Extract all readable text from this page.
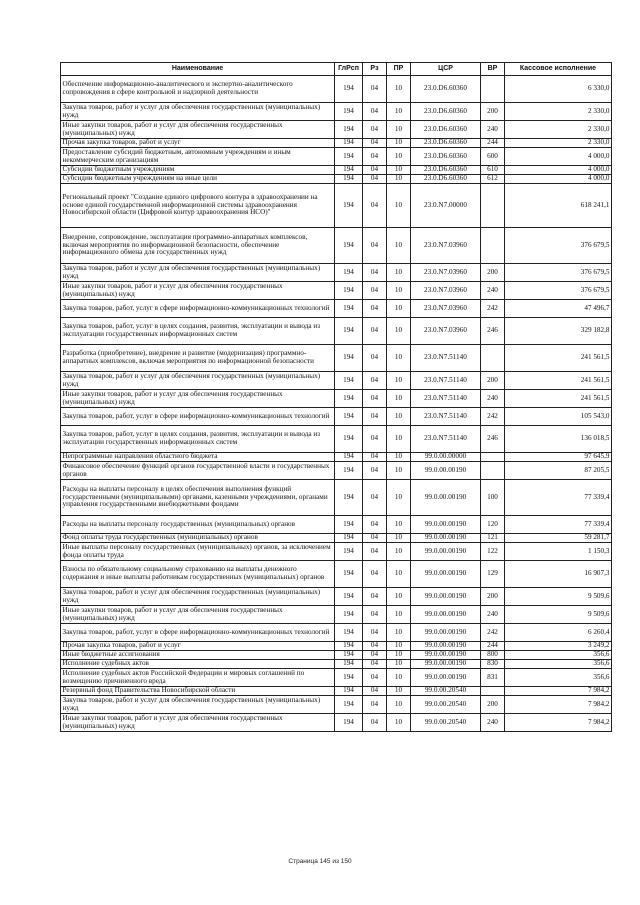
Наименование	ГлРсп	Рз	ПР	ЦСР	ВР	Кассовое исполнение
Обеспечение информационно-аналитического и экспертно-аналитического сопровождения в сфере контрольной и надзорной деятельности	194	04	10	23.0.D6.60360		6 330,0
Закупка товаров, работ и услуг для обеспечения государственных (муниципальных) нужд	194	04	10	23.0.D6.60360	200	2 330,0
Иные закупки товаров, работ и услуг для обеспечения государственных (муниципальных) нужд	194	04	10	23.0.D6.60360	240	2 330,0
Прочая закупка товаров, работ и услуг	194	04	10	23.0.D6.60360	244	2 330,0
Предоставление субсидий бюджетным, автономным учреждениям и иным некоммерческим организациям	194	04	10	23.0.D6.60360	600	4 000,0
Субсидии бюджетным учреждениям	194	04	10	23.0.D6.60360	610	4 000,0
Субсидии бюджетным учреждениям на иные цели	194	04	10	23.0.D6.60360	612	4 000,0
Региональный проект "Создание единого цифрового контура в здравоохранении на основе единой государственной информационной системы здравоохранения Новосибирской области (Цифровой контур здравоохранения НСО)"	194	04	10	23.0.N7.00000		618 241,1
Внедрение, сопровождение, эксплуатация программно-аппаратных комплексов, включая мероприятия по информационной безопасности, обеспечение информационного обмена для государственных нужд	194	04	10	23.0.N7.03960		376 679,5
Закупка товаров, работ и услуг для обеспечения государственных (муниципальных) нужд	194	04	10	23.0.N7.03960	200	376 679,5
Иные закупки товаров, работ и услуг для обеспечения государственных (муниципальных) нужд	194	04	10	23.0.N7.03960	240	376 679,5
Закупка товаров, работ, услуг в сфере информационно-коммуникационных технологий	194	04	10	23.0.N7.03960	242	47 496,7
Закупка товаров, работ, услуг в целях создания, развития, эксплуатации и вывода из эксплуатации государственных информационных систем	194	04	10	23.0.N7.03960	246	329 182,8
Разработка (приобретение), внедрение и развитие (модернизация) программно-аппаратных комплексов, включая мероприятия по информационной безопасности	194	04	10	23.0.N7.51140		241 561,5
Закупка товаров, работ и услуг для обеспечения государственных (муниципальных) нужд	194	04	10	23.0.N7.51140	200	241 561,5
Иные закупки товаров, работ и услуг для обеспечения государственных (муниципальных) нужд	194	04	10	23.0.N7.51140	240	241 561,5
Закупка товаров, работ, услуг в сфере информационно-коммуникационных технологий	194	04	10	23.0.N7.51140	242	105 543,0
Закупка товаров, работ, услуг в целях создания, развития, эксплуатации и вывода из эксплуатации государственных информационных систем	194	04	10	23.0.N7.51140	246	136 018,5
Непрограммные направления областного бюджета	194	04	10	99.0.00.00000		97 645,9
Финансовое обеспечение функций органов государственной власти и государственных органов	194	04	10	99.0.00.00190		87 205,5
Расходы на выплаты персоналу в целях обеспечения выполнения функций государственными (муниципальными) органами, казенными учреждениями, органами управления государственными внебюджетными фондами	194	04	10	99.0.00.00190	100	77 339,4
Расходы на выплаты персоналу государственных (муниципальных) органов	194	04	10	99.0.00.00190	120	77 339,4
Фонд оплаты труда государственных (муниципальных) органов	194	04	10	99.0.00.00190	121	59 281,7
Иные выплаты персоналу государственных (муниципальных) органов, за исключением фонда оплаты труда	194	04	10	99.0.00.00190	122	1 150,3
Взносы по обязательному социальному страхованию на выплаты денежного содержания и иные выплаты работникам государственных (муниципальных) органов	194	04	10	99.0.00.00190	129	16 907,3
Закупка товаров, работ и услуг для обеспечения государственных (муниципальных) нужд	194	04	10	99.0.00.00190	200	9 509,6
Иные закупки товаров, работ и услуг для обеспечения государственных (муниципальных) нужд	194	04	10	99.0.00.00190	240	9 509,6
Закупка товаров, работ, услуг в сфере информационно-коммуникационных технологий	194	04	10	99.0.00.00190	242	6 260,4
Прочая закупка товаров, работ и услуг	194	04	10	99.0.00.00190	244	3 249,2
Иные бюджетные ассигнования	194	04	10	99.0.00.00190	800	356,6
Исполнение судебных актов	194	04	10	99.0.00.00190	830	356,6
Исполнение судебных актов Российской Федерации и мировых соглашений по возмещению причиненного вреда	194	04	10	99.0.00.00190	831	356,6
Резервный фонд Правительства Новосибирской области	194	04	10	99.0.00.20540		7 984,2
Закупка товаров, работ и услуг для обеспечения государственных (муниципальных) нужд	194	04	10	99.0.00.20540	200	7 984,2
Иные закупки товаров, работ и услуг для обеспечения государственных (муниципальных) нужд	194	04	10	99.0.00.20540	240	7 984,2
Страница 145 из 150
